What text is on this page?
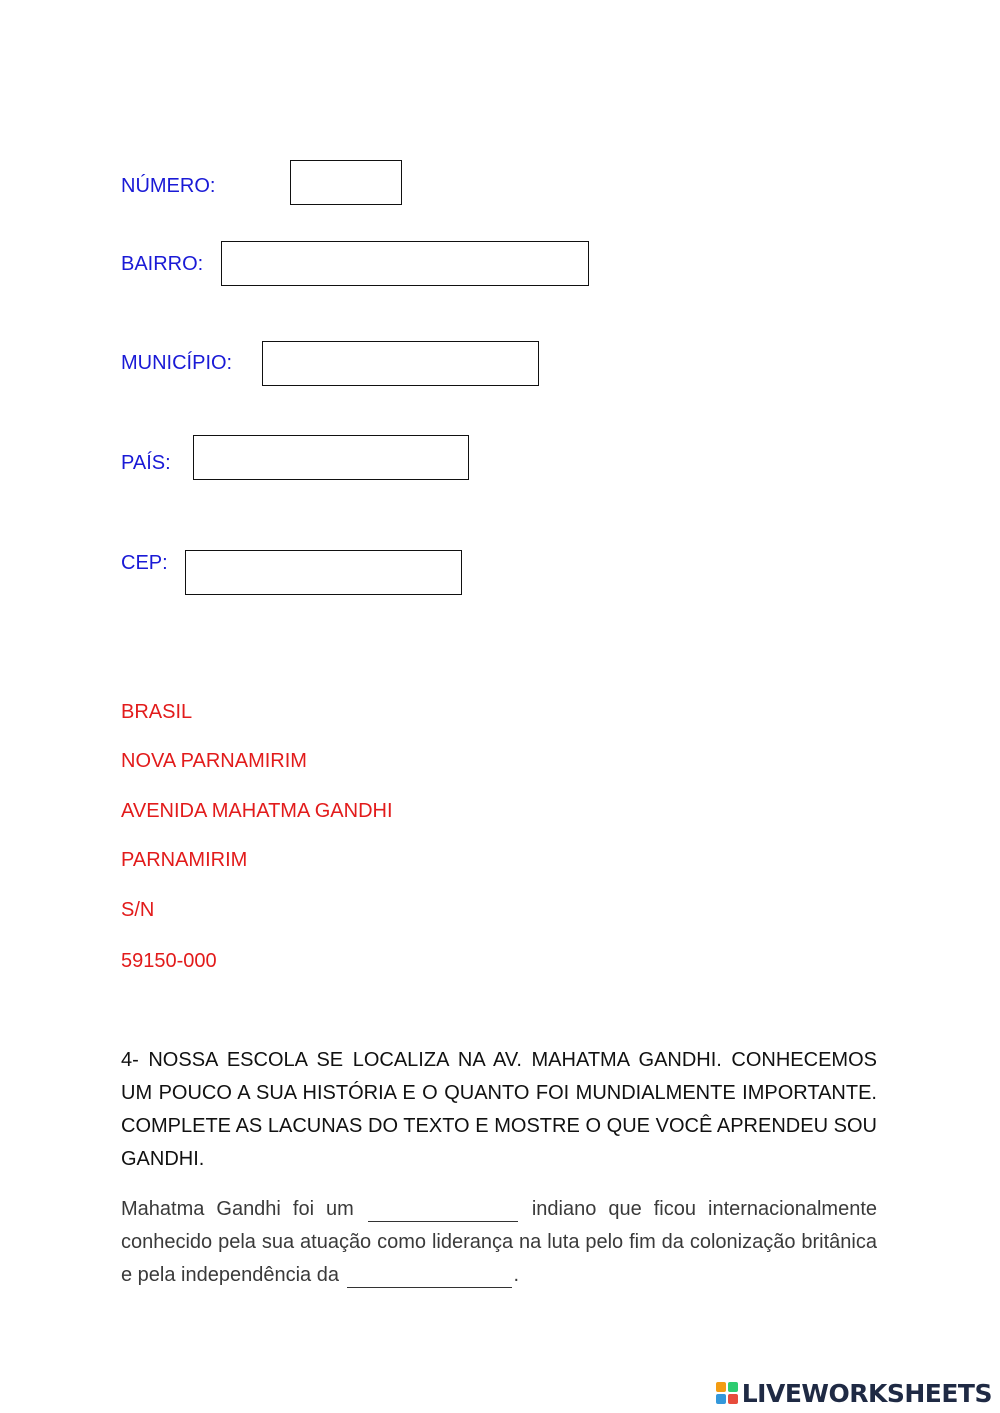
NÚMERO:
BAIRRO:
MUNICÍPIO:
PAÍS:
CEP:
BRASIL
NOVA PARNAMIRIM
AVENIDA MAHATMA GANDHI
PARNAMIRIM
S/N
59150-000
4- NOSSA ESCOLA SE LOCALIZA NA AV. MAHATMA GANDHI. CONHECEMOS UM POUCO A SUA HISTÓRIA E O QUANTO FOI MUNDIALMENTE IMPORTANTE. COMPLETE AS LACUNAS DO TEXTO E MOSTRE O QUE VOCÊ APRENDEU SOU GANDHI.
Mahatma Gandhi foi um	indiano que ficou internacionalmente conhecido pela sua atuação como liderança na luta pelo fim da colonização britânica e pela independência da	.
LIVEWORKSHEETS
